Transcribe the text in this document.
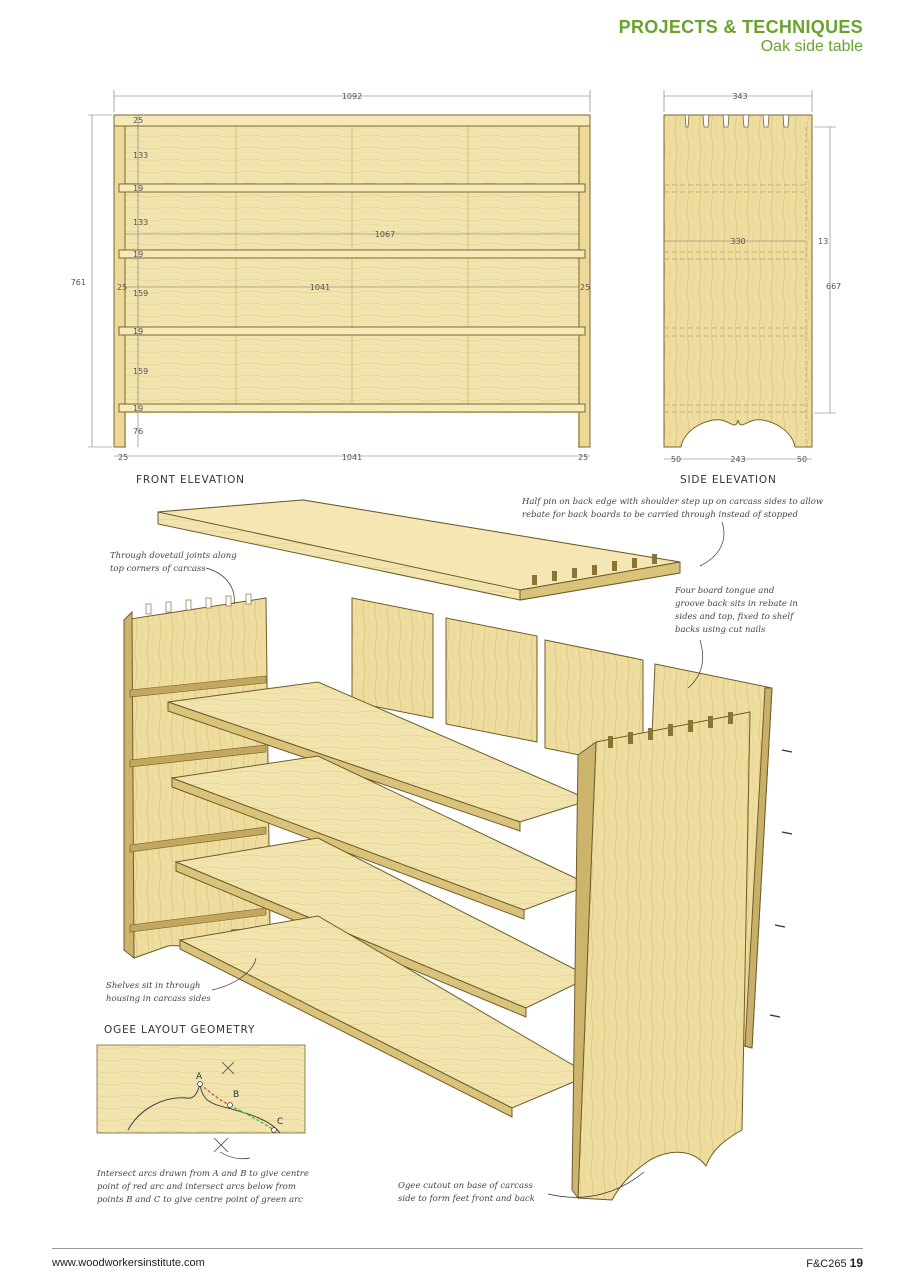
PROJECTS & TECHNIQUES
Oak side table
1092
761
1067
1041
1041
25	25
25	25
25
133
19
133
19
159
19
159
19
76
343
330	13
667
50	243	50
A
B
C
FRONT ELEVATION	SIDE ELEVATION
OGEE LAYOUT GEOMETRY
Half pin on back edge with shoulder step up on carcass sides to allow rebate for back boards to be carried through instead of stopped
Through dovetail joints along top corners of carcass
Four board tongue and groove back sits in rebate in sides and top, fixed to shelf backs using cut nails
Shelves sit in through housing in carcass sides
Ogee cutout on base of carcass side to form feet front and back
Intersect arcs drawn from A and B to give centre point of red arc and intersect arcs below from points B and C to give centre point of green arc
www.woodworkersinstitute.com	F&C265 19
